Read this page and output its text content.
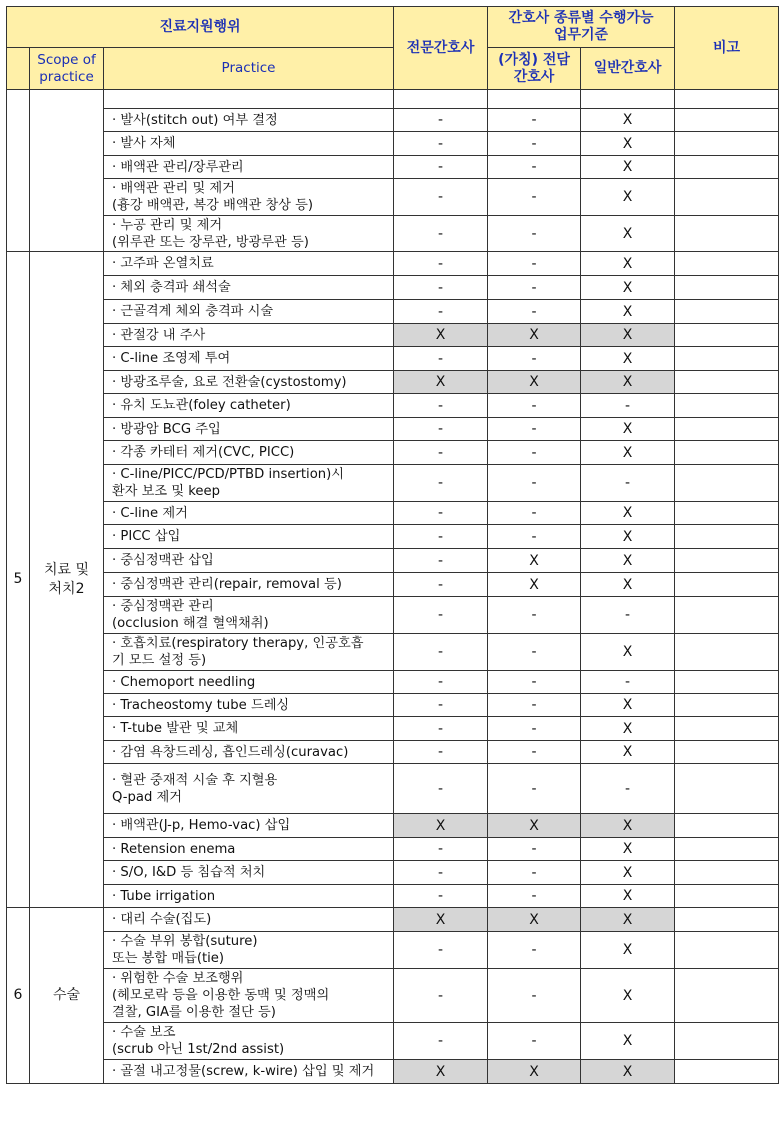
진료지원행위			전문간호사	간호사 종류별 수행가능 업무기준		비고

	Scope of practice	Practice		(가칭) 전담간호사	일반간호사	

		· 발사(stitch out) 여부 결정	-	-	X	
		· 발사 자체	-	-	X	
		· 배액관 관리/장루관리	-	-	X	
		· 배액관 관리 및 제거
(흉강 배액관, 복강 배액관 창상 등)	-	-	X	
		· 누공 관리 및 제거
(위루관 또는 장루관, 방광루관 등)	-	-	X	
5	치료 및 처치2	· 고주파 온열치료	-	-	X	
		· 체외 충격파 쇄석술	-	-	X	
		· 근골격계 체외 충격파 시술	-	-	X	
		· 관절강 내 주사	X	X	X	
		· C-line 조영제 투여	-	-	X	
		· 방광조루술, 요로 전환술(cystostomy)	X	X	X	
		· 유치 도뇨관(foley catheter)	-	-	-	
		· 방광암 BCG 주입	-	-	X	
		· 각종 카테터 제거(CVC, PICC)	-	-	X	
		· C-line/PICC/PCD/PTBD insertion)시
환자 보조 및 keep	-	-	-	
		· C-line 제거	-	-	X	
		· PICC 삽입	-	-	X	
		· 중심정맥관 삽입	-	X	X	
		· 중심정맥관 관리(repair, removal 등)	-	X	X	
		· 중심정맥관 관리
(occlusion 해결 혈액채취)	-	-	-	
		· 호흡치료(respiratory therapy, 인공호흡
기 모드 설정 등)	-	-	X	
		· Chemoport needling	-	-	-	
		· Tracheostomy tube 드레싱	-	-	X	
		· T-tube 발관 및 교체	-	-	X	
		· 감염 욕창드레싱, 흡인드레싱(curavac)	-	-	X	
		· 혈관 중재적 시술 후 지혈용
Q-pad 제거	-	-	-	
		· 배액관(J-p, Hemo-vac) 삽입	X	X	X	
		· Retension enema	-	-	X	
		· S/O, I&D 등 침습적 처치	-	-	X	
		· Tube irrigation	-	-	X	
6	수술	· 대리 수술(집도)	X	X	X	
		· 수술 부위 봉합(suture)
또는 봉합 매듭(tie)	-	-	X	
		· 위험한 수술 보조행위
(헤모로락 등을 이용한 동맥 및 정맥의
결찰, GIA를 이용한 절단 등)	-	-	X	
		· 수술 보조
(scrub 아닌 1st/2nd assist)	-	-	X	
		· 골절 내고정물(screw, k-wire) 삽입 및 제거	X	X	X	
